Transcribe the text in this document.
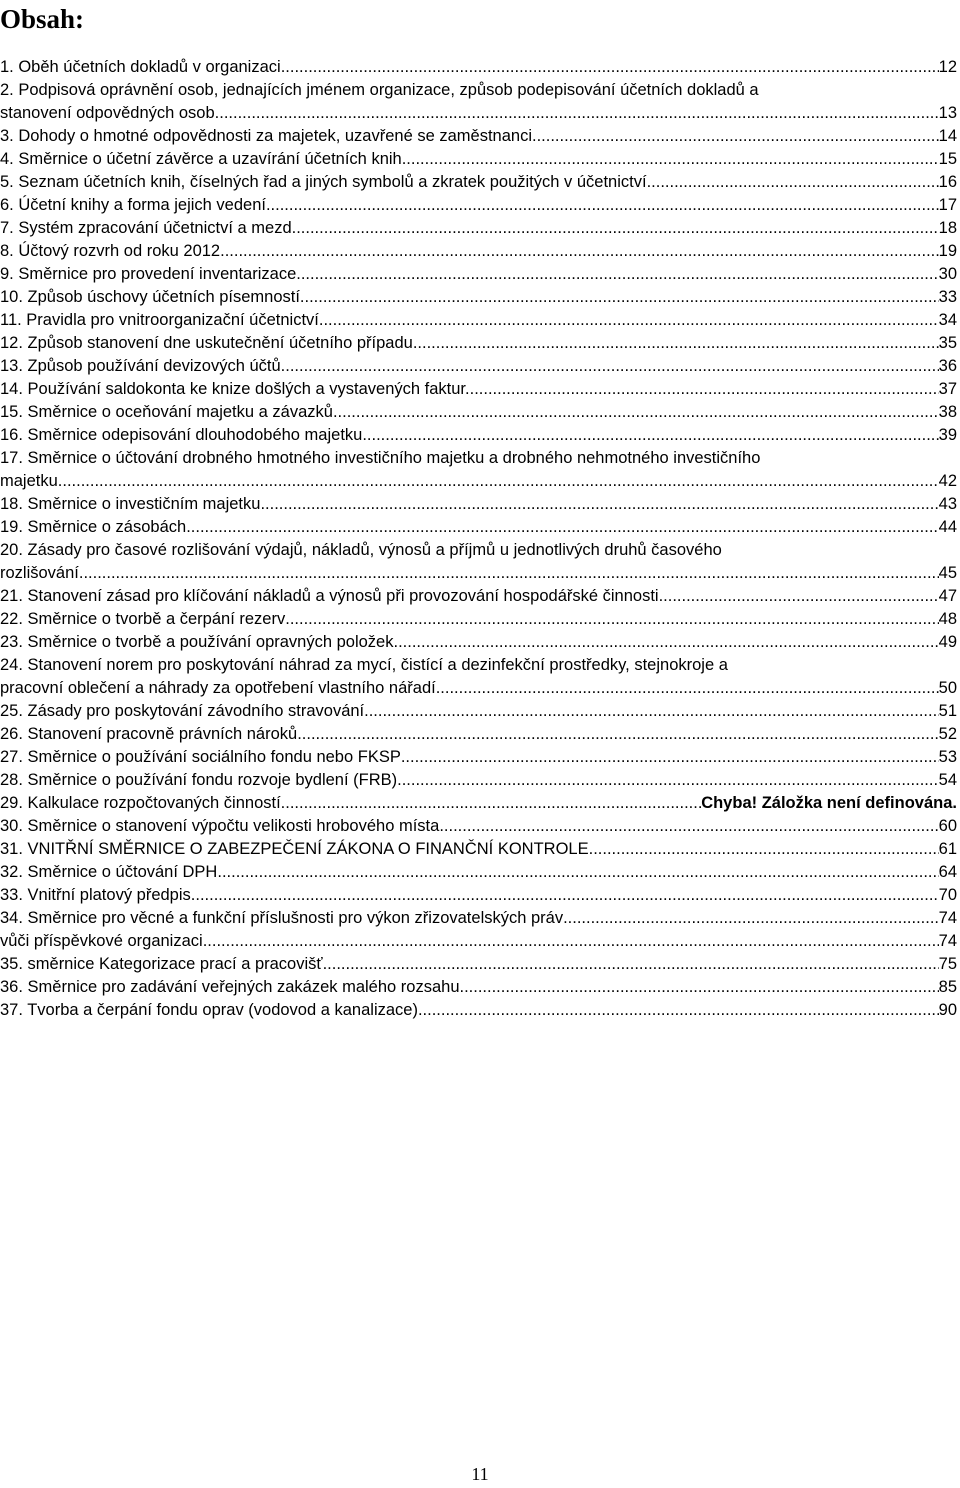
Obsah:
1. Oběh účetních dokladů v organizaci .....	12
2. Podpisová oprávnění osob, jednajících jménem organizace, způsob podepisování účetních dokladů a
stanovení odpovědných osob .....	13
3. Dohody o hmotné odpovědnosti za majetek, uzavřené se zaměstnanci .....	14
4. Směrnice o účetní závěrce a uzavírání účetních knih .....	15
5. Seznam účetních knih, číselných řad a jiných symbolů a zkratek použitých v účetnictví .....	16
6. Účetní knihy a forma jejich vedení .....	17
7. Systém zpracování účetnictví a mezd .....	18
8. Účtový rozvrh od roku 2012 .....	19
9. Směrnice pro provedení inventarizace .....	30
10. Způsob úschovy účetních písemností .....	33
11. Pravidla pro vnitroorganizační účetnictví .....	34
12. Způsob stanovení dne uskutečnění účetního případu .....	35
13. Způsob používání devizových účtů .....	36
14. Používání saldokonta ke knize došlých a vystavených faktur. .....	37
15. Směrnice o oceňování majetku a závazků .....	38
16. Směrnice odepisování dlouhodobého majetku .....	39
17. Směrnice o účtování drobného hmotného investičního majetku a drobného nehmotného investičního
majetku .....	42
18. Směrnice o investičním majetku .....	43
19. Směrnice o zásobách .....	44
20. Zásady pro časové rozlišování výdajů, nákladů, výnosů a příjmů u jednotlivých druhů časového
rozlišování .....	45
21. Stanovení zásad pro klíčování nákladů a výnosů při provozování hospodářské činnosti .....	47
22. Směrnice o tvorbě a čerpání rezerv .....	48
23. Směrnice o tvorbě a používání opravných položek .....	49
24. Stanovení norem pro poskytování náhrad za mycí, čistící a dezinfekční prostředky, stejnokroje a
pracovní oblečení a náhrady za opotřebení vlastního nářadí .....	50
25. Zásady pro poskytování závodního stravování .....	51
26. Stanovení pracovně právních nároků .....	52
27. Směrnice o používání sociálního fondu nebo FKSP .....	53
28. Směrnice o používání fondu rozvoje bydlení (FRB) .....	54
29. Kalkulace rozpočtovaných činností .....	Chyba! Záložka není definována.
30. Směrnice o stanovení výpočtu velikosti hrobového místa .....	60
31. VNITŘNÍ SMĚRNICE O ZABEZPEČENÍ ZÁKONA O FINANČNÍ KONTROLE .....	61
32. Směrnice o účtování DPH .....	64
33. Vnitřní platový předpis .....	70
34. Směrnice pro věcné a funkční příslušnosti pro výkon zřizovatelských práv .....	74
vůči příspěvkové organizaci .....	74
35. směrnice Kategorizace prací a pracovišť .....	75
36. Směrnice pro zadávání veřejných zakázek malého rozsahu .....	85
37. Tvorba a čerpání fondu oprav (vodovod a kanalizace) .....	90
11
